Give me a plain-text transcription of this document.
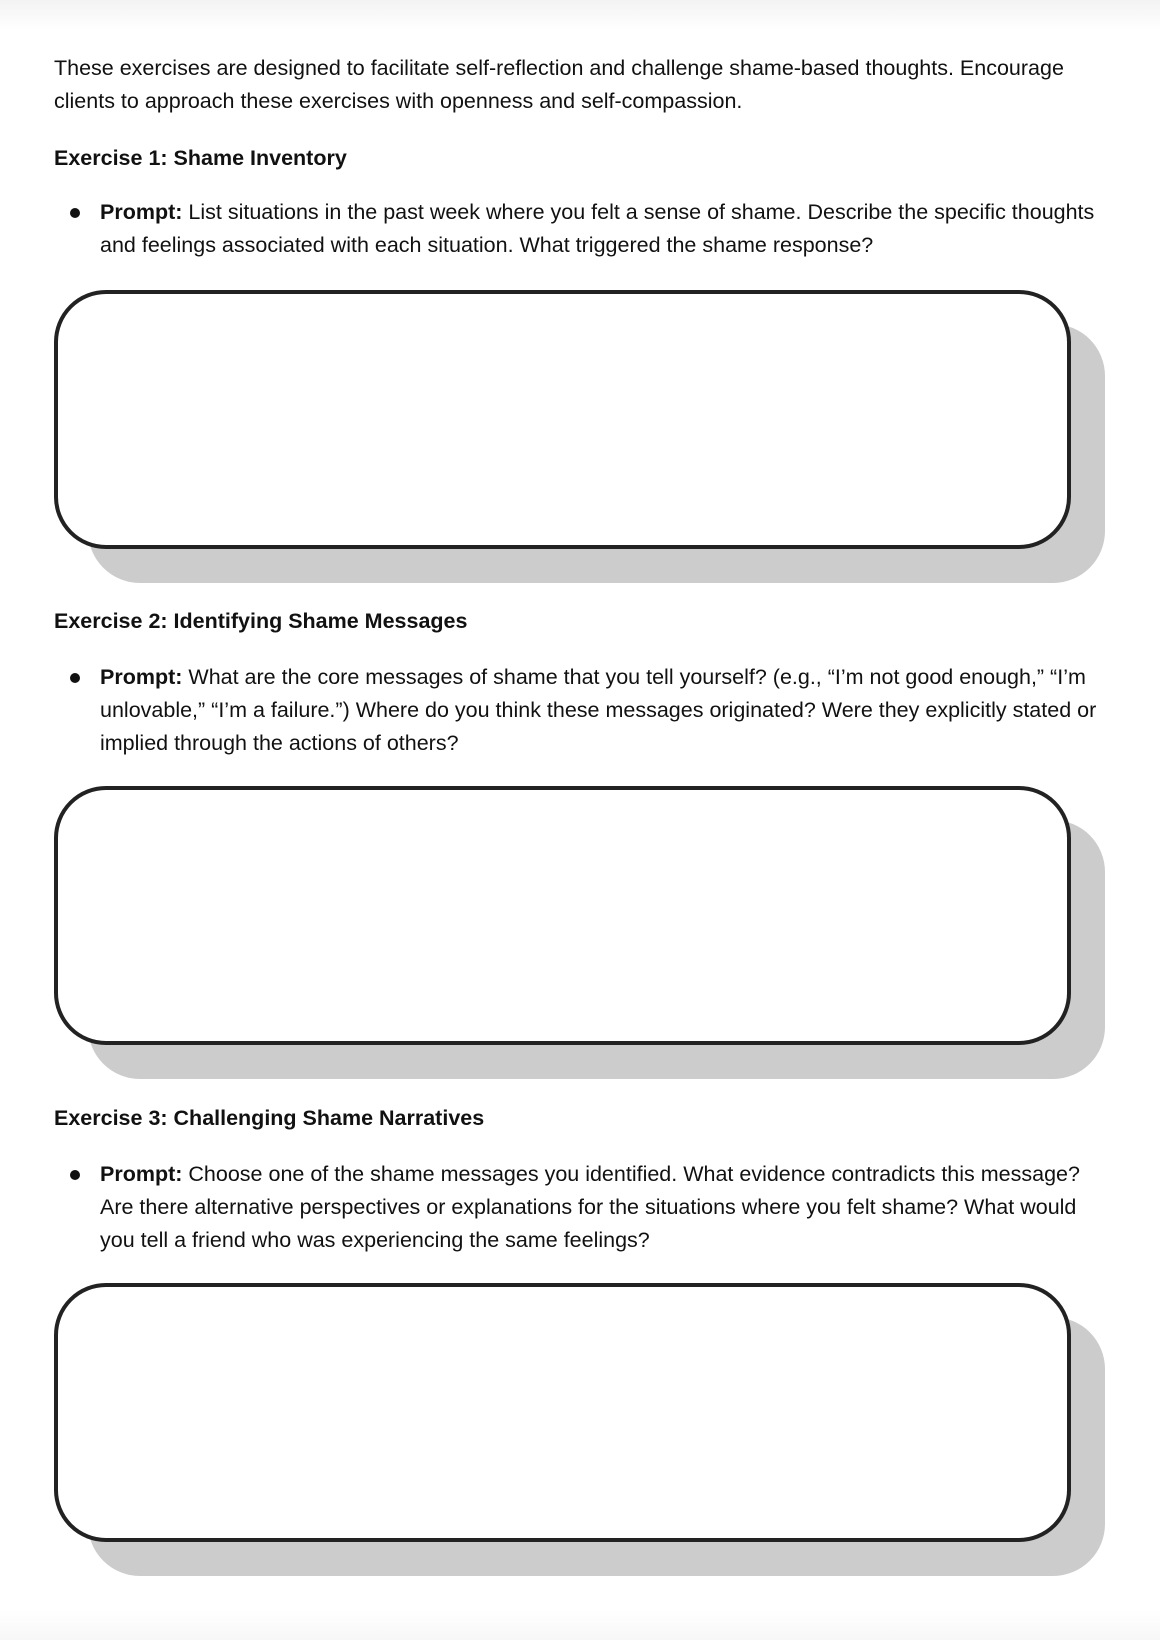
These exercises are designed to facilitate self-reflection and challenge shame-based thoughts. Encourage clients to approach these exercises with openness and self-compassion.

Exercise 1: Shame Inventory

Prompt: List situations in the past week where you felt a sense of shame. Describe the specific thoughts and feelings associated with each situation. What triggered the shame response?

Exercise 2: Identifying Shame Messages

Prompt: What are the core messages of shame that you tell yourself? (e.g., “I’m not good enough,” “I’m unlovable,” “I’m a failure.”) Where do you think these messages originated? Were they explicitly stated or implied through the actions of others?

Exercise 3: Challenging Shame Narratives

Prompt: Choose one of the shame messages you identified. What evidence contradicts this message? Are there alternative perspectives or explanations for the situations where you felt shame? What would you tell a friend who was experiencing the same feelings?
